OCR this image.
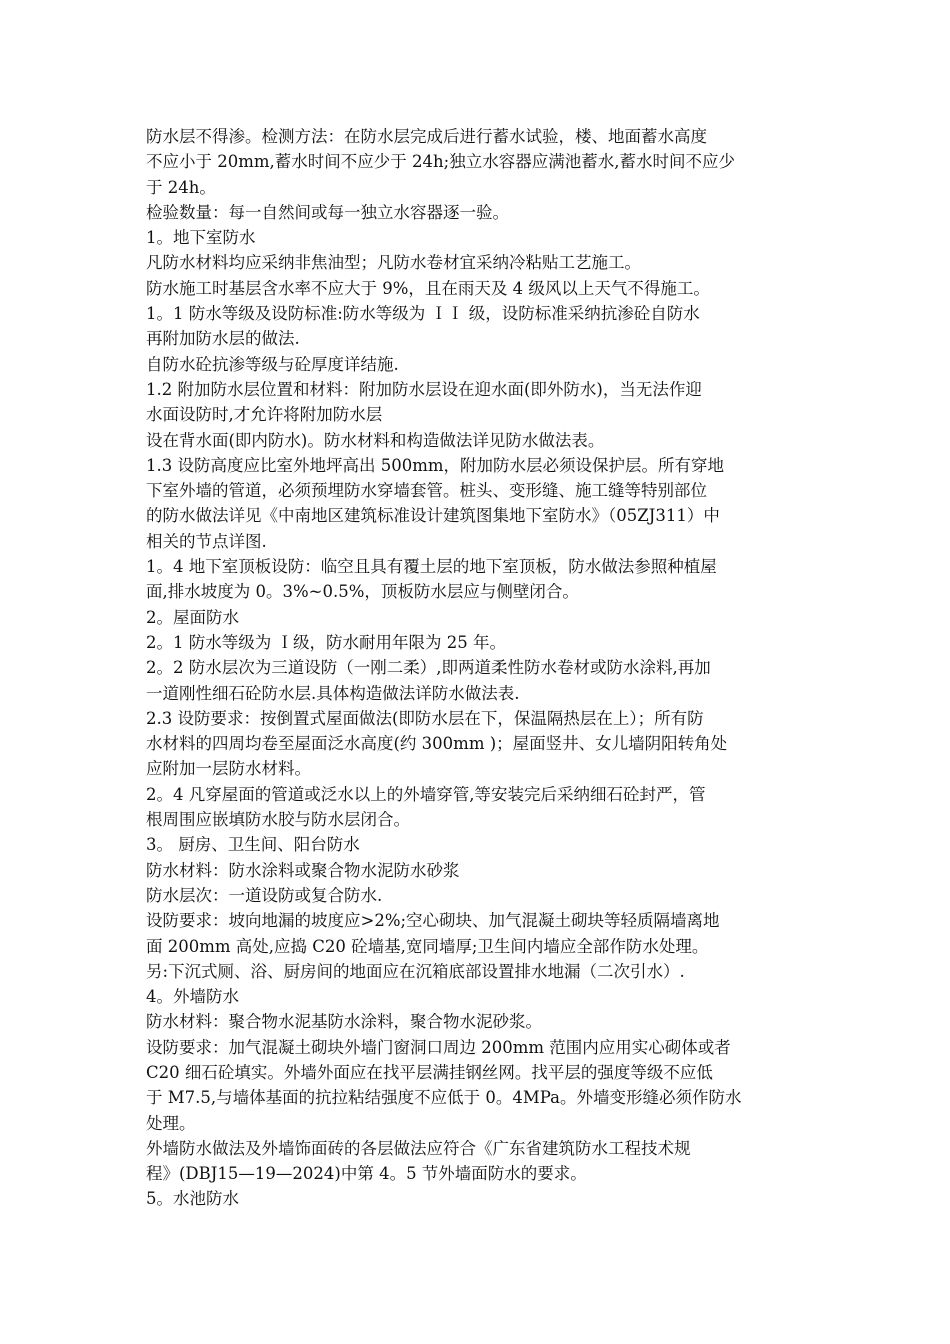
防水层不得渗。检测方法：在防水层完成后进行蓄水试验，楼、地面蓄水高度
不应小于 20mm,蓄水时间不应少于 24h;独立水容器应满池蓄水,蓄水时间不应少
于 24h。
检验数量：每一自然间或每一独立水容器逐一验。
1。地下室防水
凡防水材料均应采纳非焦油型；凡防水卷材宜采纳冷粘贴工艺施工。
防水施工时基层含水率不应大于 9%，且在雨天及 4 级风以上天气不得施工。
1。1 防水等级及设防标准:防水等级为 ＩＩ 级，设防标准采纳抗渗砼自防水
再附加防水层的做法.
自防水砼抗渗等级与砼厚度详结施.
1.2 附加防水层位置和材料：附加防水层设在迎水面(即外防水)，当无法作迎
水面设防时,才允许将附加防水层
设在背水面(即内防水)。防水材料和构造做法详见防水做法表。
1.3 设防高度应比室外地坪高出 500mm，附加防水层必须设保护层。所有穿地
下室外墙的管道，必须预埋防水穿墙套管。桩头、变形缝、施工缝等特别部位
的防水做法详见《中南地区建筑标准设计建筑图集地下室防水》（05ZJ311）中
相关的节点详图.
1。4 地下室顶板设防：临空且具有覆土层的地下室顶板，防水做法参照种植屋
面,排水坡度为 0。3%~0.5%，顶板防水层应与侧壁闭合。
2。屋面防水
2。1 防水等级为 Ｉ级，防水耐用年限为 25 年。
2。2 防水层次为三道设防（一刚二柔）,即两道柔性防水卷材或防水涂料,再加
一道刚性细石砼防水层.具体构造做法详防水做法表.
2.3 设防要求：按倒置式屋面做法(即防水层在下，保温隔热层在上）；所有防
水材料的四周均卷至屋面泛水高度(约 300mm )；屋面竖井、女儿墙阴阳转角处
应附加一层防水材料。
2。4 凡穿屋面的管道或泛水以上的外墙穿管,等安装完后采纳细石砼封严，管
根周围应嵌填防水胶与防水层闭合。
3。 厨房、卫生间、阳台防水
防水材料：防水涂料或聚合物水泥防水砂浆
防水层次：一道设防或复合防水.
设防要求：坡向地漏的坡度应>2%;空心砌块、加气混凝土砌块等轻质隔墙离地
面 200mm 高处,应捣 C20 砼墙基,宽同墙厚;卫生间内墙应全部作防水处理。
另:下沉式厕、浴、厨房间的地面应在沉箱底部设置排水地漏（二次引水）.
4。外墙防水
防水材料：聚合物水泥基防水涂料，聚合物水泥砂浆。
设防要求：加气混凝土砌块外墙门窗洞口周边 200mm 范围内应用实心砌体或者
C20 细石砼填实。外墙外面应在找平层满挂钢丝网。找平层的强度等级不应低
于 M7.5,与墙体基面的抗拉粘结强度不应低于 0。4MPa。外墙变形缝必须作防水
处理。
外墙防水做法及外墙饰面砖的各层做法应符合《广东省建筑防水工程技术规
程》(DBJ15—19—2024)中第 4。5 节外墙面防水的要求。
5。水池防水
